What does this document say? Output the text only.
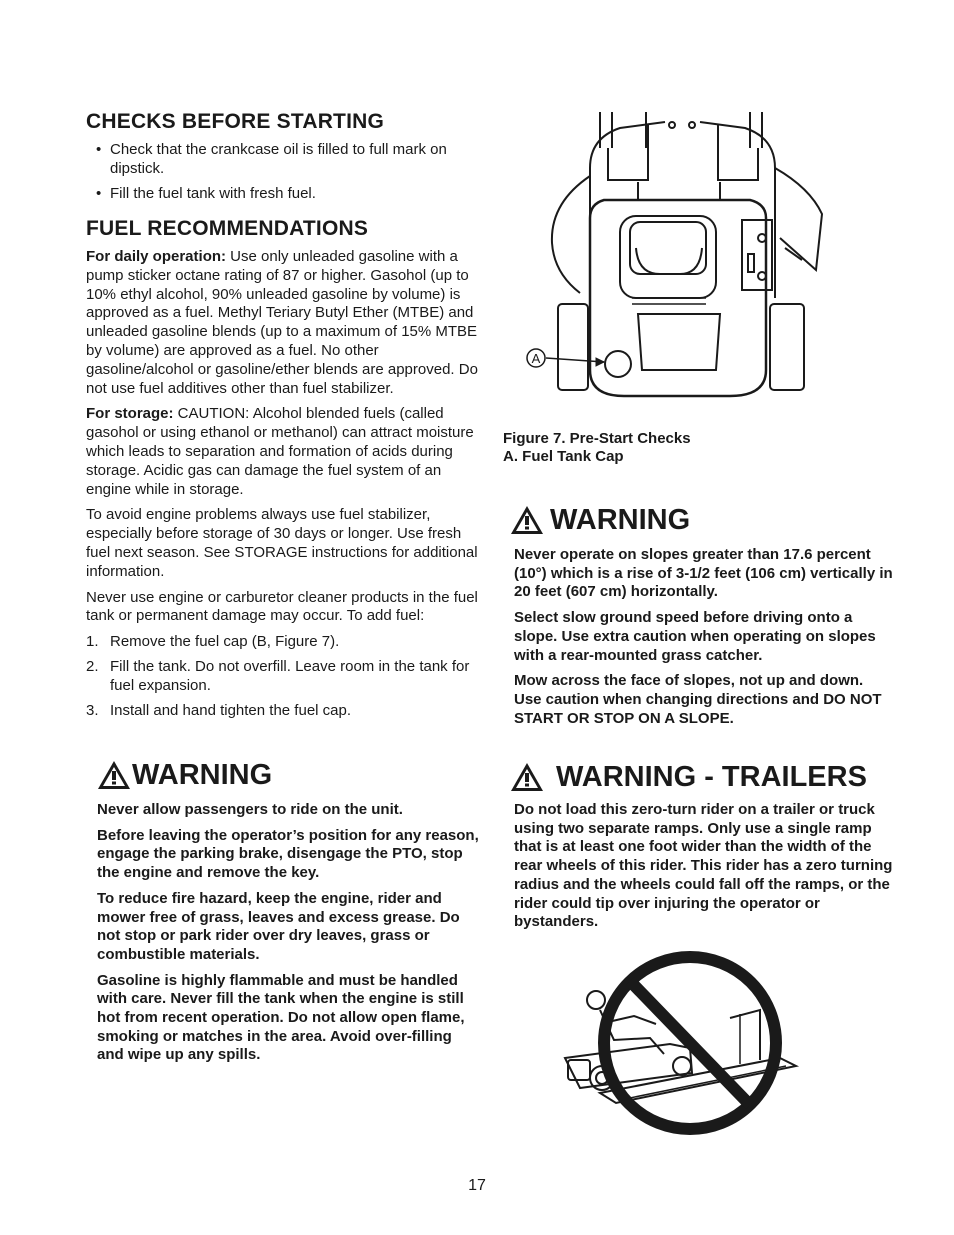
CHECKS BEFORE STARTING
• Check that the crankcase oil is filled to full mark on dipstick.
• Fill the fuel tank with fresh fuel.
FUEL RECOMMENDATIONS

For daily operation: Use only unleaded gasoline with a pump sticker octane rating of 87 or higher. Gasohol (up to 10% ethyl alcohol, 90% unleaded gasoline by volume) is approved as a fuel. Methyl Teriary Butyl Ether (MTBE) and unleaded gasoline blends (up to a maximum of 15% MTBE by volume) are approved as a fuel. No other gasoline/alcohol or gasoline/ether blends are approved. Do not use fuel additives other than fuel stabilizer.

For storage: CAUTION: Alcohol blended fuels (called gasohol or using ethanol or methanol) can attract moisture which leads to separation and formation of acids during storage. Acidic gas can damage the fuel system of an engine while in storage.

To avoid engine problems always use fuel stabilizer, especially before storage of 30 days or longer. Use fresh fuel next season. See STORAGE instructions for additional information.

Never use engine or carburetor cleaner products in the fuel tank or permanent damage may occur. To add fuel:

1. Remove the fuel cap (B, Figure 7).
2. Fill the tank. Do not overfill. Leave room in the tank for fuel expansion.
3. Install and hand tighten the fuel cap.
WARNING

Never allow passengers to ride on the unit.

Before leaving the operator’s position for any reason, engage the parking brake, disengage the PTO, stop the engine and remove the key.

To reduce fire hazard, keep the engine, rider and mower free of grass, leaves and excess grease. Do not stop or park rider over dry leaves, grass or combustible materials.

Gasoline is highly flammable and must be handled with care. Never fill the tank when the engine is still hot from recent operation. Do not allow open flame, smoking or matches in the area. Avoid over-filling and wipe up any spills.

A
Figure 7. Pre-Start Checks
A. Fuel Tank Cap
WARNING

Never operate on slopes greater than 17.6 percent (10°) which is a rise of 3-1/2 feet (106 cm) vertically in 20 feet (607 cm) horizontally.

Select slow ground speed before driving onto a slope. Use extra caution when operating on slopes with a rear-mounted grass catcher.

Mow across the face of slopes, not up and down. Use caution when changing directions and DO NOT START OR STOP ON A SLOPE.

WARNING - TRAILERS

Do not load this zero-turn rider on a trailer or truck using two separate ramps. Only use a single ramp that is at least one foot wider than the width of the rear wheels of this rider. This rider has a zero turning radius and the wheels could fall off the ramps, or the rider could tip over injuring the operator or bystanders.

17
